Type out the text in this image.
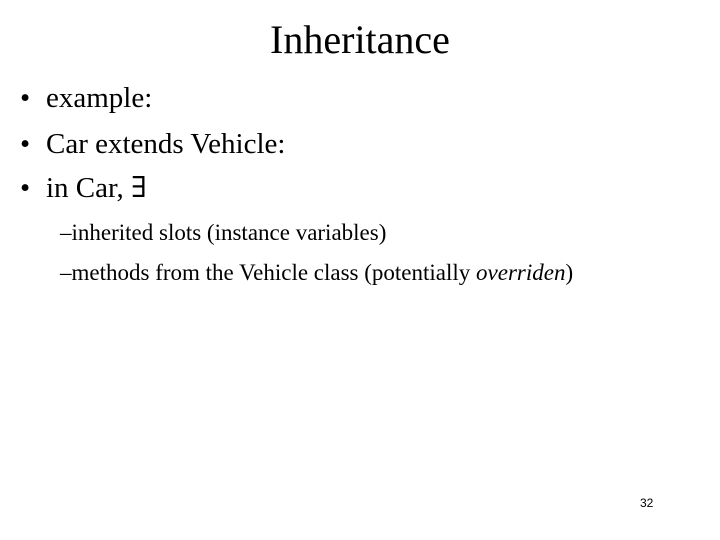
Inheritance
• example:
• Car extends Vehicle:
• in Car, ∃
–inherited slots (instance variables)
–methods from the Vehicle class (potentially overriden)
32
